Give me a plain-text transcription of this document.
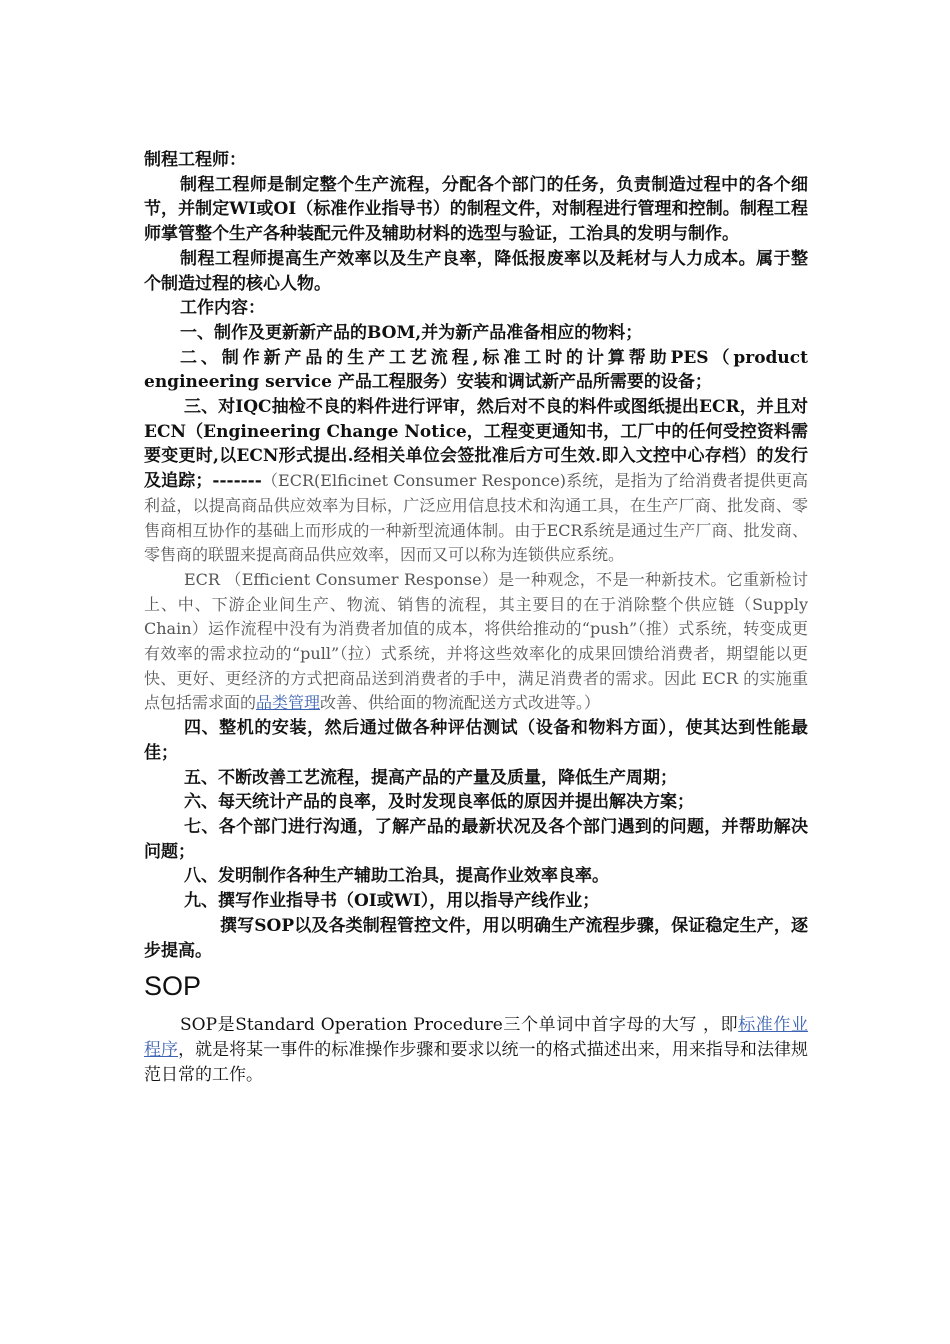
制程工程师：

制程工程师是制定整个生产流程，分配各个部门的任务，负责制造过程中的各个细节，并制定WI或OI（标准作业指导书）的制程文件，对制程进行管理和控制。制程工程师掌管整个生产各种装配元件及辅助材料的选型与验证，工治具的发明与制作。

制程工程师提高生产效率以及生产良率，降低报废率以及耗材与人力成本。属于整个制造过程的核心人物。

工作内容：

一、制作及更新新产品的BOM,并为新产品准备相应的物料；

二、制作新产品的生产工艺流程,标准工时的计算帮助PES（product engineering service 产品工程服务）安装和调试新产品所需要的设备；

三、对IQC抽检不良的料件进行评审，然后对不良的料件或图纸提出ECR，并且对ECN（Engineering Change Notice，工程变更通知书，工厂中的任何受控资料需要变更时,以ECN形式提出.经相关单位会签批准后方可生效.即入文控中心存档）的发行及追踪；-------（ECR(Elficinet Consumer Responce)系统，是指为了给消费者提供更高利益，以提高商品供应效率为目标，广泛应用信息技术和沟通工具，在生产厂商、批发商、零售商相互协作的基础上而形成的一种新型流通体制。由于ECR系统是通过生产厂商、批发商、零售商的联盟来提高商品供应效率，因而又可以称为连锁供应系统。

ECR （Efficient Consumer Response）是一种观念，不是一种新技术。它重新检讨上、中、下游企业间生产、物流、销售的流程，其主要目的在于消除整个供应链（Supply Chain）运作流程中没有为消费者加值的成本，将供给推动的“push”（推）式系统，转变成更有效率的需求拉动的“pull”（拉）式系统，并将这些效率化的成果回馈给消费者，期望能以更快、更好、更经济的方式把商品送到消费者的手中，满足消费者的需求。因此 ECR 的实施重点包括需求面的品类管理改善、供给面的物流配送方式改进等。）

四、整机的安装，然后通过做各种评估测试（设备和物料方面），使其达到性能最佳；

五、不断改善工艺流程，提高产品的产量及质量，降低生产周期；

六、每天统计产品的良率，及时发现良率低的原因并提出解决方案；

七、各个部门进行沟通，了解产品的最新状况及各个部门遇到的问题，并帮助解决问题；

八、发明制作各种生产辅助工治具，提高作业效率良率。

九、撰写作业指导书（OI或WI），用以指导产线作业；

撰写SOP以及各类制程管控文件，用以明确生产流程步骤，保证稳定生产，逐步提高。

SOP

SOP是Standard Operation Procedure三个单词中首字母的大写 ，即标准作业程序，就是将某一事件的标准操作步骤和要求以统一的格式描述出来，用来指导和法律规范日常的工作。
